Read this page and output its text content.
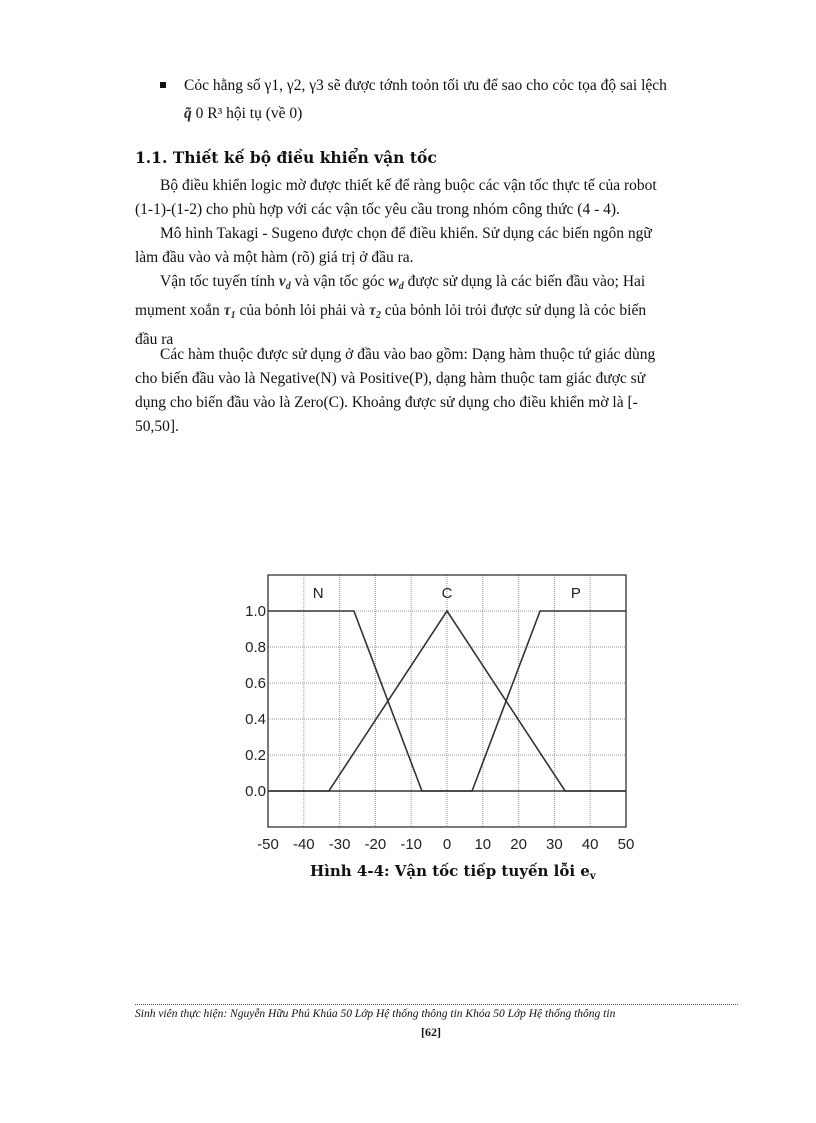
Cỏc hằng số γ1, γ2, γ3 sẽ được tớnh toỏn tối ưu để sao cho cỏc tọa độ sai lệch
q̃ 0 R³ hội tụ (về 0)
1.1. Thiết kế bộ điều khiển vận tốc
Bộ điều khiển logic mờ được thiết kế để ràng buộc các vận tốc thực tế của robot
(1-1)-(1-2) cho phù hợp với các vận tốc yêu cầu trong nhóm công thức (4 - 4).
Mô hình Takagi - Sugeno được chọn để điều khiển. Sử dụng các biến ngôn ngữ
làm đầu vào và một hàm (rõ) giá trị ở đầu ra.
Vận tốc tuyến tính $v_d$ và vận tốc góc $w_d$ được sử dụng là các biến đầu vào; Hai
mụment xoắn $\tau_1$ của bỏnh lỏi phải và $\tau_2$ của bỏnh lỏi trỏi được sử dụng là cỏc biến
đầu ra
Các hàm thuộc được sử dụng ở đầu vào bao gồm: Dạng hàm thuộc tứ giác dùng
cho biến đầu vào là Negative(N) và Positive(P), dạng hàm thuộc tam giác được sử
dụng cho biến đầu vào là Zero(C). Khoảng được sử dụng cho điều khiển mờ là [-
50,50].
-50 -40 -30 -20 -10 0 10 20 30 40 50
0.0
0.2
0.4
0.6
0.8
1.0
N	C	P
Hình 4-4: Vận tốc tiếp tuyến lỗi $e_v$
Sinh viên thực hiện: Nguyễn Hữu Phú Khúa 50 Lớp Hệ thống thông tin Khóa 50 Lớp Hệ thống thông tin
[62]
